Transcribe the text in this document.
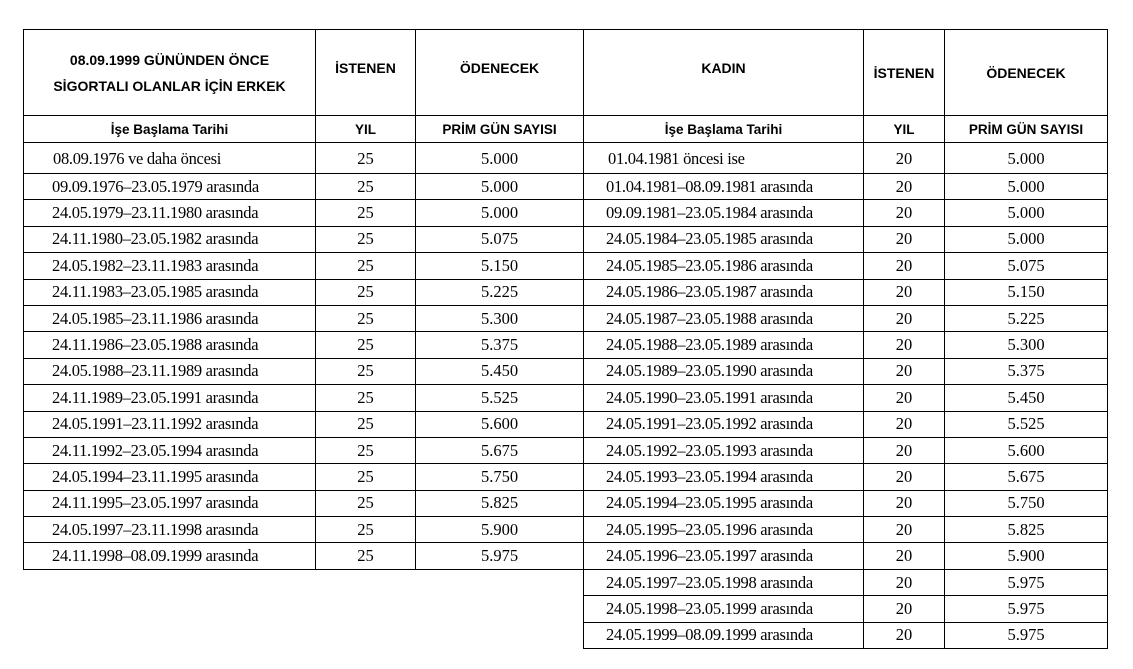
08.09.1999 GÜNÜNDEN ÖNCE SİGORTALI OLANLAR İÇİN ERKEK	İSTENEN	ÖDENECEK	KADIN	İSTENEN	ÖDENECEK
İşe Başlama Tarihi	YIL	PRİM GÜN SAYISI	İşe Başlama Tarihi	YIL	PRİM GÜN SAYISI
08.09.1976 ve daha öncesi	25	5.000	01.04.1981 öncesi ise	20	5.000
09.09.1976–23.05.1979 arasında	25	5.000	01.04.1981–08.09.1981 arasında	20	5.000
24.05.1979–23.11.1980 arasında	25	5.000	09.09.1981–23.05.1984 arasında	20	5.000
24.11.1980–23.05.1982 arasında	25	5.075	24.05.1984–23.05.1985 arasında	20	5.000
24.05.1982–23.11.1983 arasında	25	5.150	24.05.1985–23.05.1986 arasında	20	5.075
24.11.1983–23.05.1985 arasında	25	5.225	24.05.1986–23.05.1987 arasında	20	5.150
24.05.1985–23.11.1986 arasında	25	5.300	24.05.1987–23.05.1988 arasında	20	5.225
24.11.1986–23.05.1988 arasında	25	5.375	24.05.1988–23.05.1989 arasında	20	5.300
24.05.1988–23.11.1989 arasında	25	5.450	24.05.1989–23.05.1990 arasında	20	5.375
24.11.1989–23.05.1991 arasında	25	5.525	24.05.1990–23.05.1991 arasında	20	5.450
24.05.1991–23.11.1992 arasında	25	5.600	24.05.1991–23.05.1992 arasında	20	5.525
24.11.1992–23.05.1994 arasında	25	5.675	24.05.1992–23.05.1993 arasında	20	5.600
24.05.1994–23.11.1995 arasında	25	5.750	24.05.1993–23.05.1994 arasında	20	5.675
24.11.1995–23.05.1997 arasında	25	5.825	24.05.1994–23.05.1995 arasında	20	5.750
24.05.1997–23.11.1998 arasında	25	5.900	24.05.1995–23.05.1996 arasında	20	5.825
24.11.1998–08.09.1999 arasında	25	5.975	24.05.1996–23.05.1997 arasında	20	5.900
			24.05.1997–23.05.1998 arasında	20	5.975
			24.05.1998–23.05.1999 arasında	20	5.975
			24.05.1999–08.09.1999 arasında	20	5.975
